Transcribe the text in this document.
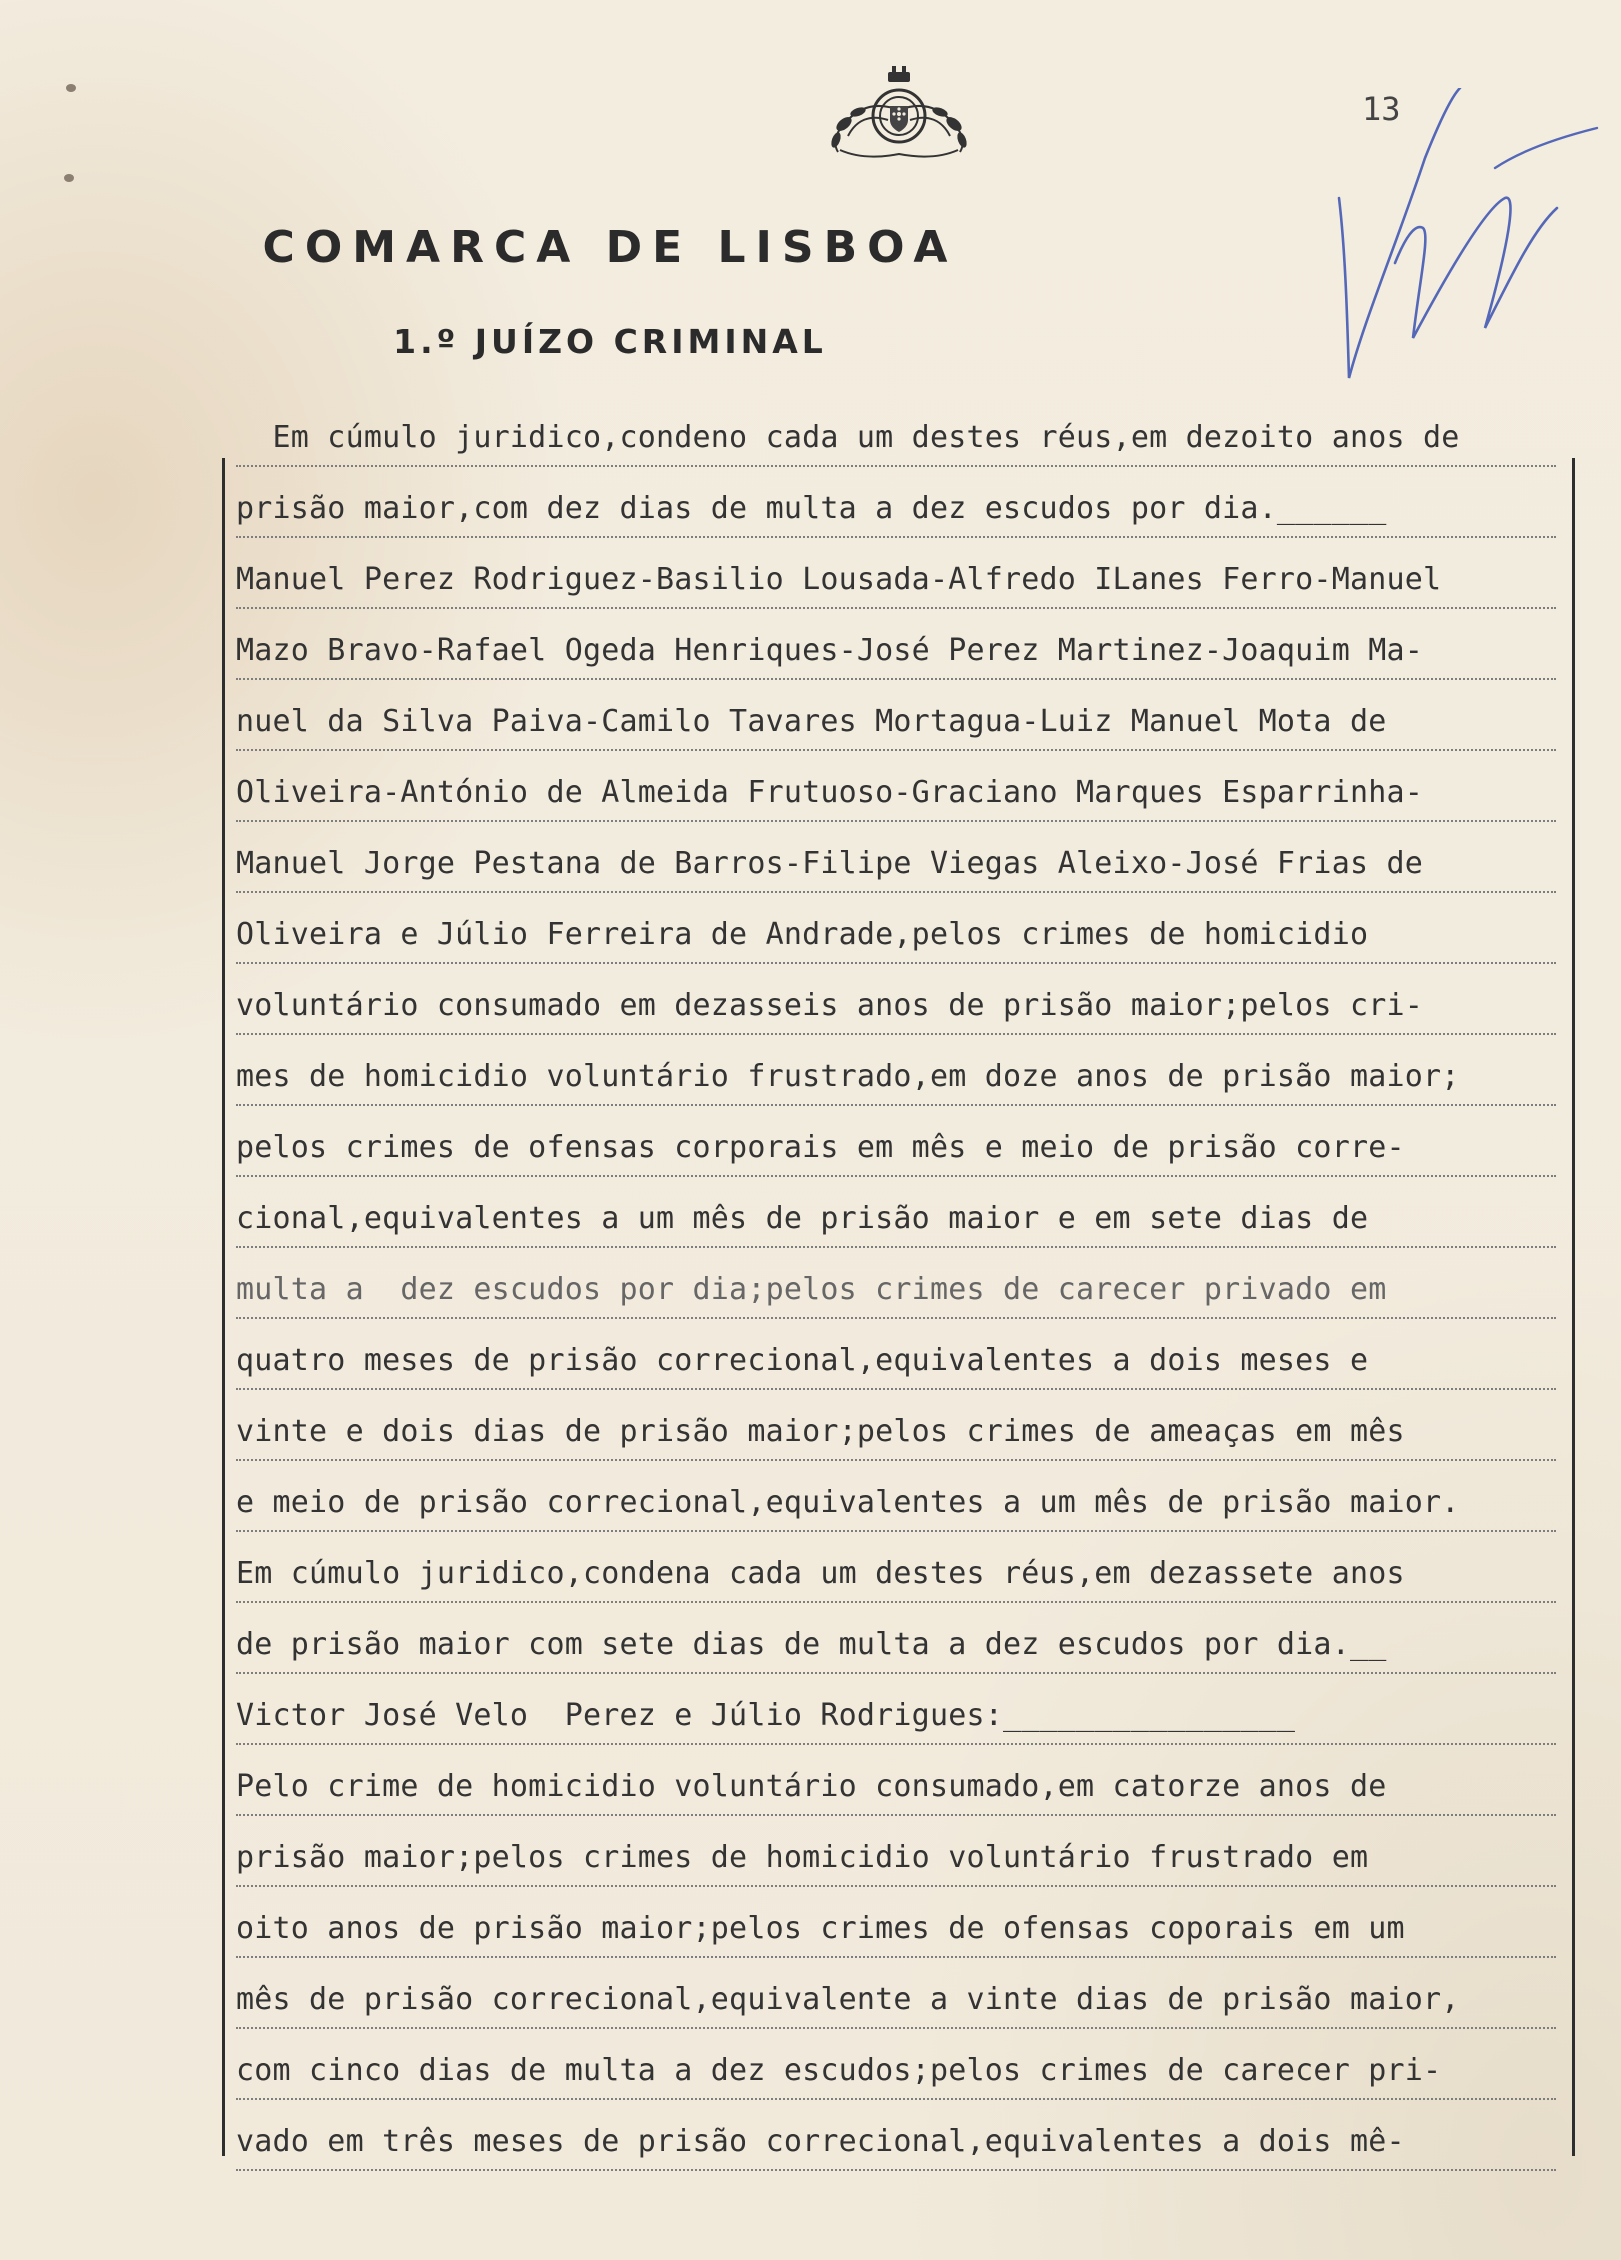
13
COMARCA DE LISBOA
1.º JUÍZO CRIMINAL
Em cúmulo juridico,condeno cada um destes réus,em dezoito anos de
prisão maior,com dez dias de multa a dez escudos por dia.______
Manuel Perez Rodriguez-Basilio Lousada-Alfredo ILanes Ferro-Manuel
Mazo Bravo-Rafael Ogeda Henriques-José Perez Martinez-Joaquim Ma-
nuel da Silva Paiva-Camilo Tavares Mortagua-Luiz Manuel Mota de
Oliveira-António de Almeida Frutuoso-Graciano Marques Esparrinha-
Manuel Jorge Pestana de Barros-Filipe Viegas Aleixo-José Frias de
Oliveira e Júlio Ferreira de Andrade,pelos crimes de homicidio
voluntário consumado em dezasseis anos de prisão maior;pelos cri-
mes de homicidio voluntário frustrado,em doze anos de prisão maior;
pelos crimes de ofensas corporais em mês e meio de prisão corre-
cional,equivalentes a um mês de prisão maior e em sete dias de
multa a  dez escudos por dia;pelos crimes de carecer privado em
quatro meses de prisão correcional,equivalentes a dois meses e
vinte e dois dias de prisão maior;pelos crimes de ameaças em mês
e meio de prisão correcional,equivalentes a um mês de prisão maior.
Em cúmulo juridico,condena cada um destes réus,em dezassete anos
de prisão maior com sete dias de multa a dez escudos por dia.__
Victor José Velo  Perez e Júlio Rodrigues:________________
Pelo crime de homicidio voluntário consumado,em catorze anos de
prisão maior;pelos crimes de homicidio voluntário frustrado em
oito anos de prisão maior;pelos crimes de ofensas coporais em um
mês de prisão correcional,equivalente a vinte dias de prisão maior,
com cinco dias de multa a dez escudos;pelos crimes de carecer pri-
vado em três meses de prisão correcional,equivalentes a dois mê-
